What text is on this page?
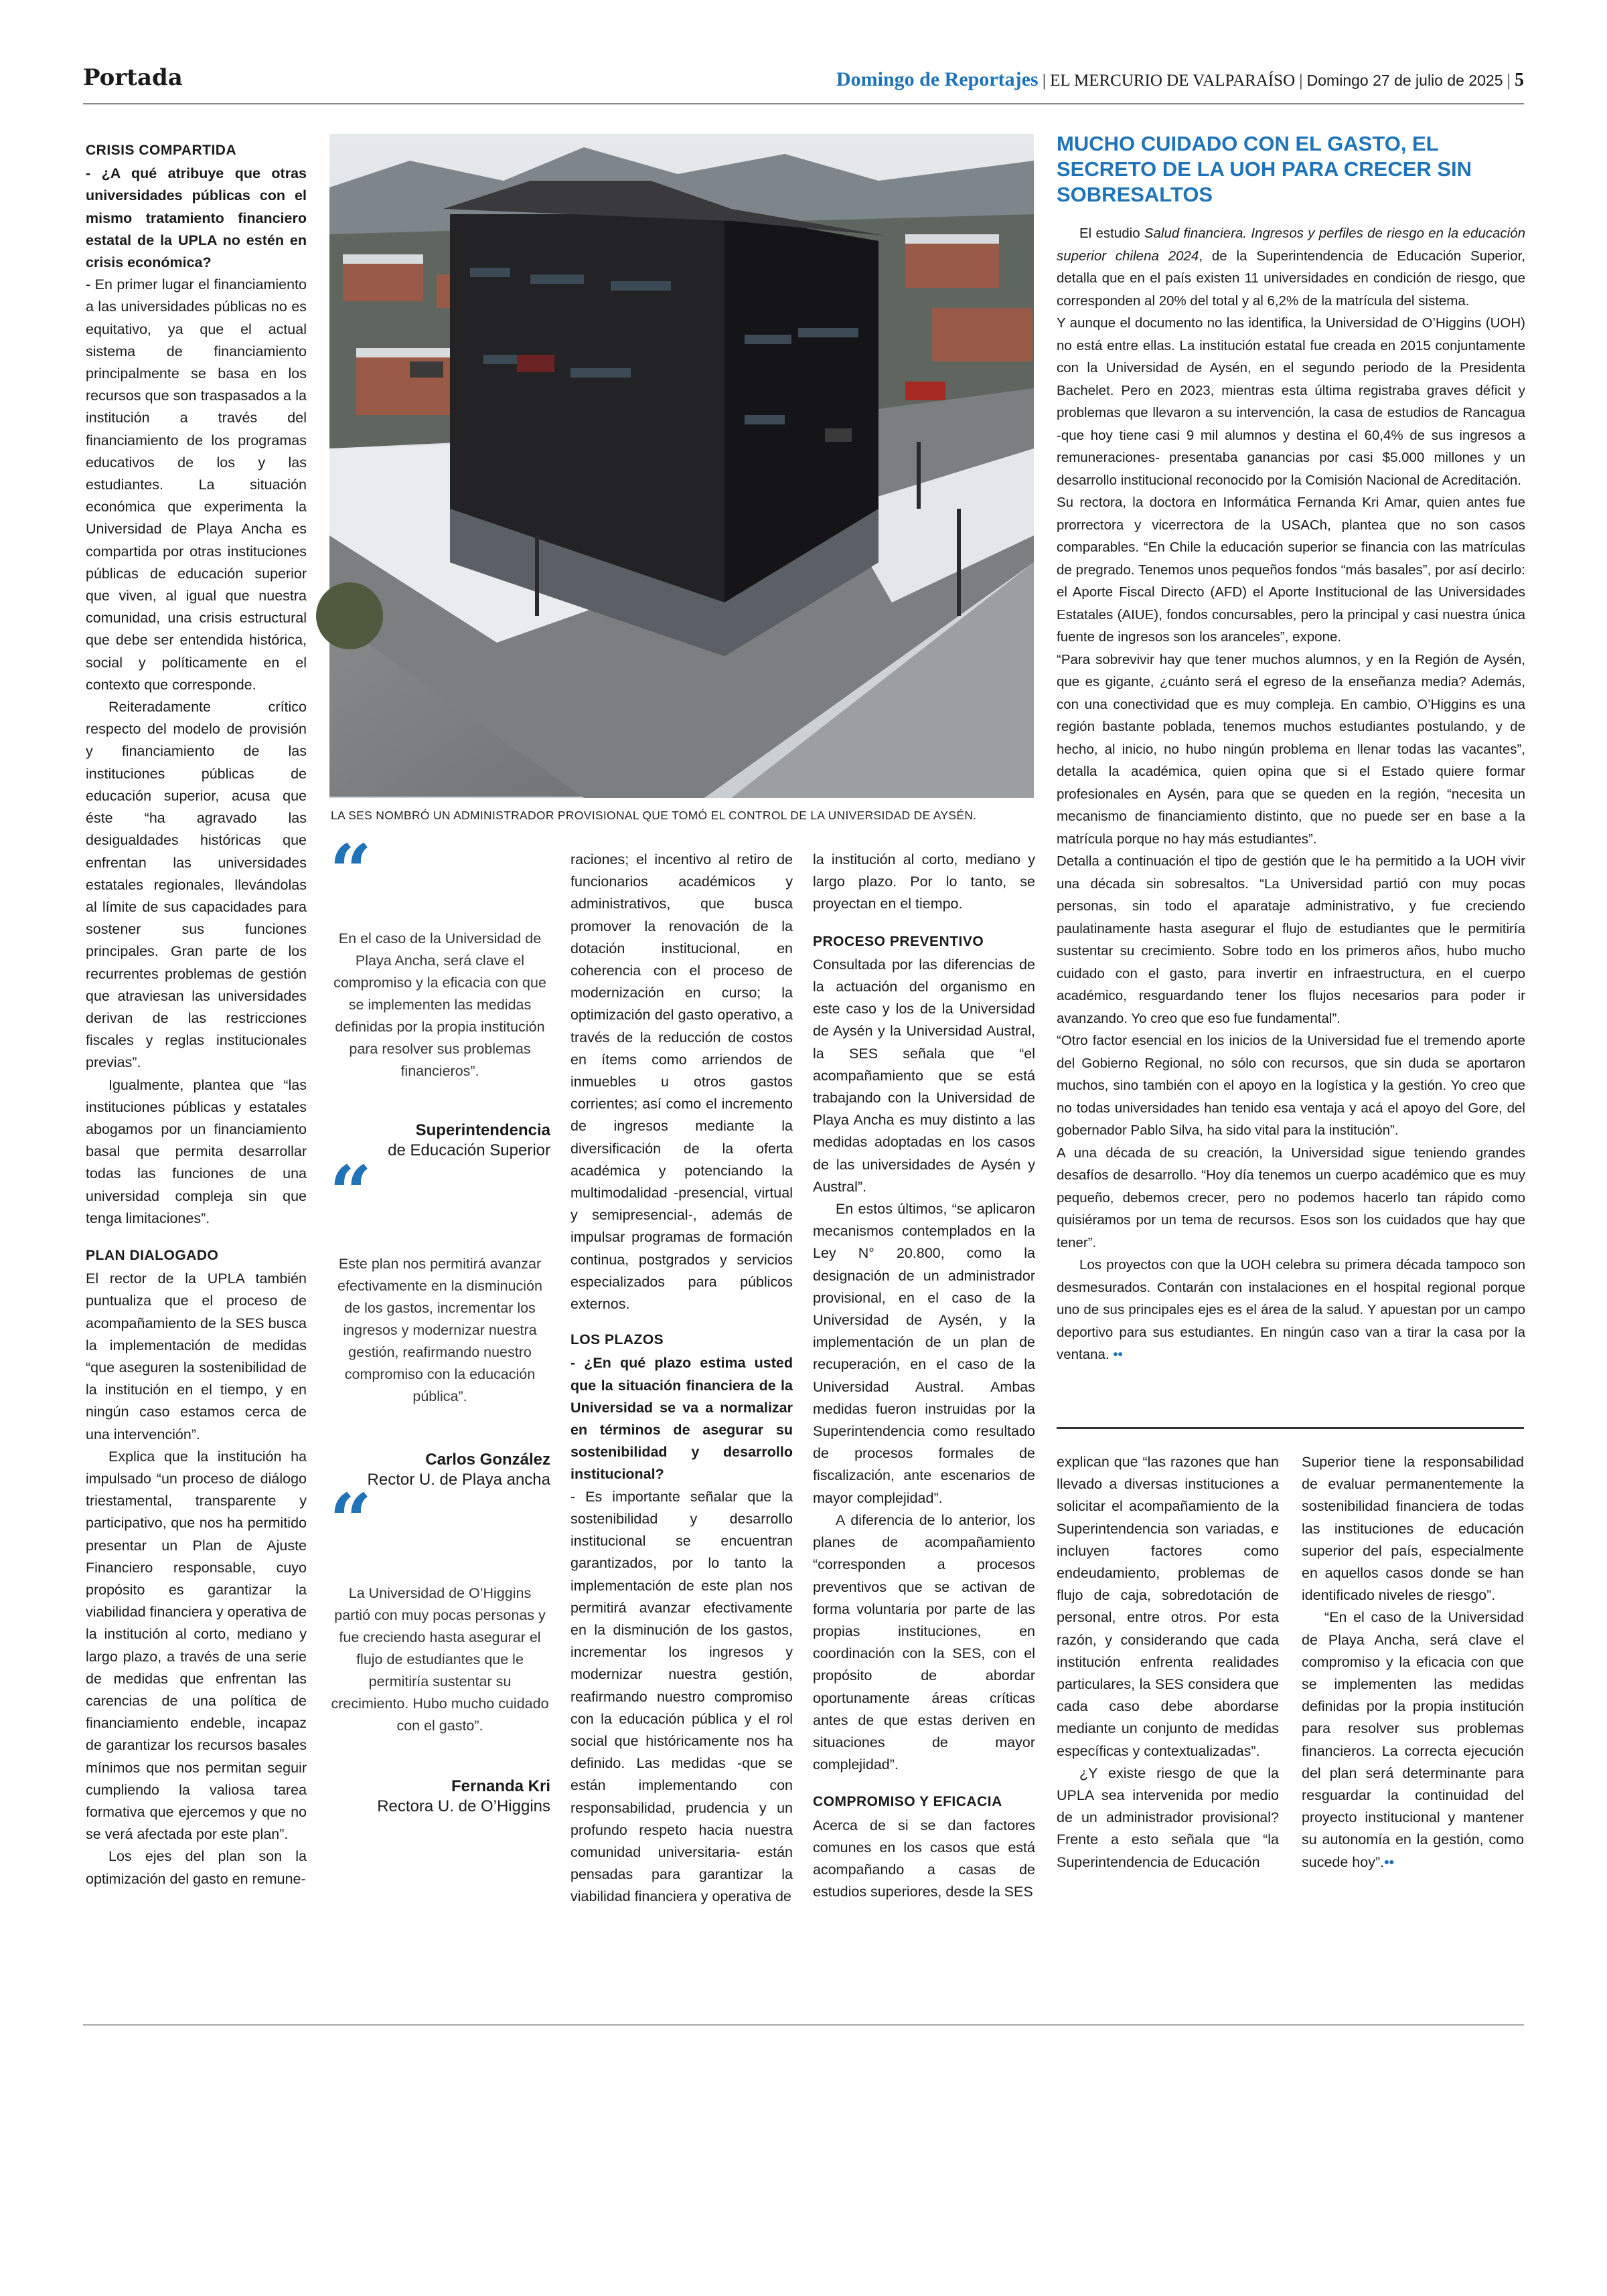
Portada	Domingo de Reportajes | EL MERCURIO DE VALPARAÍSO | Domingo 27 de julio de 2025 | 5
CRISIS COMPARTIDA

- ¿A qué atribuye que otras universidades públicas con el mismo tratamiento financiero estatal de la UPLA no estén en crisis económica?

- En primer lugar el financiamiento a las universidades públicas no es equitativo, ya que el actual sistema de financiamiento principalmente se basa en los recursos que son traspasados a la institución a través del financiamiento de los programas educativos de los y las estudiantes. La situación económica que experimenta la Universidad de Playa Ancha es compartida por otras instituciones públicas de educación superior que viven, al igual que nuestra comunidad, una crisis estructural que debe ser entendida histórica, social y políticamente en el contexto que corresponde.

Reiteradamente crítico respecto del modelo de provisión y financiamiento de las instituciones públicas de educación superior, acusa que éste “ha agravado las desigualdades históricas que enfrentan las universidades estatales regionales, llevándolas al límite de sus capacidades para sostener sus funciones principales. Gran parte de los recurrentes problemas de gestión que atraviesan las universidades derivan de las restricciones fiscales y reglas institucionales previas”.

Igualmente, plantea que “las instituciones públicas y estatales abogamos por un financiamiento basal que permita desarrollar todas las funciones de una universidad compleja sin que tenga limitaciones”.

PLAN DIALOGADO

El rector de la UPLA también puntualiza que el proceso de acompañamiento de la SES busca la implementación de medidas “que aseguren la sostenibilidad de la institución en el tiempo, y en ningún caso estamos cerca de una intervención”.

Explica que la institución ha impulsado “un proceso de diálogo triestamental, transparente y participativo, que nos ha permitido presentar un Plan de Ajuste Financiero responsable, cuyo propósito es garantizar la viabilidad financiera y operativa de la institución al corto, mediano y largo plazo, a través de una serie de medidas que enfrentan las carencias de una política de financiamiento endeble, incapaz de garantizar los recursos basales mínimos que nos permitan seguir cumpliendo la valiosa tarea formativa que ejercemos y que no se verá afectada por este plan”.

Los ejes del plan son la optimización del gasto en remune-

LA SES NOMBRÓ UN ADMINISTRADOR PROVISIONAL QUE TOMÓ EL CONTROL DE LA UNIVERSIDAD DE AYSÉN.
“
En el caso de la Universidad de Playa Ancha, será clave el compromiso y la eficacia con que se implementen las medidas definidas por la propia institución para resolver sus problemas financieros”.
Superintendencia
de Educación Superior
“
Este plan nos permitirá avanzar efectivamente en la disminución de los gastos, incrementar los ingresos y modernizar nuestra gestión, reafirmando nuestro compromiso con la educación pública”.
Carlos González
Rector U. de Playa ancha
“
La Universidad de O’Higgins partió con muy pocas personas y fue creciendo hasta asegurar el flujo de estudiantes que le permitiría sustentar su crecimiento. Hubo mucho cuidado con el gasto”.
Fernanda Kri
Rectora U. de O’Higgins

raciones; el incentivo al retiro de funcionarios académicos y administrativos, que busca promover la renovación de la dotación institucional, en coherencia con el proceso de modernización en curso; la optimización del gasto operativo, a través de la reducción de costos en ítems como arriendos de inmuebles u otros gastos corrientes; así como el incremento de ingresos mediante la diversificación de la oferta académica y potenciando la multimodalidad -presencial, virtual y semipresencial-, además de impulsar programas de formación continua, postgrados y servicios especializados para públicos externos.

LOS PLAZOS

- ¿En qué plazo estima usted que la situación financiera de la Universidad se va a normalizar en términos de asegurar su sostenibilidad y desarrollo institucional?

- Es importante señalar que la sostenibilidad y desarrollo institucional se encuentran garantizados, por lo tanto la implementación de este plan nos permitirá avanzar efectivamente en la disminución de los gastos, incrementar los ingresos y modernizar nuestra gestión, reafirmando nuestro compromiso con la educación pública y el rol social que históricamente nos ha definido. Las medidas -que se están implementando con responsabilidad, prudencia y un profundo respeto hacia nuestra comunidad universitaria- están pensadas para garantizar la viabilidad financiera y operativa de

la institución al corto, mediano y largo plazo. Por lo tanto, se proyectan en el tiempo.

PROCESO PREVENTIVO

Consultada por las diferencias de la actuación del organismo en este caso y los de la Universidad de Aysén y la Universidad Austral, la SES señala que “el acompañamiento que se está trabajando con la Universidad de Playa Ancha es muy distinto a las medidas adoptadas en los casos de las universidades de Aysén y Austral”.

En estos últimos, “se aplicaron mecanismos contemplados en la Ley N° 20.800, como la designación de un administrador provisional, en el caso de la Universidad de Aysén, y la implementación de un plan de recuperación, en el caso de la Universidad Austral. Ambas medidas fueron instruidas por la Superintendencia como resultado de procesos formales de fiscalización, ante escenarios de mayor complejidad”.

A diferencia de lo anterior, los planes de acompañamiento “corresponden a procesos preventivos que se activan de forma voluntaria por parte de las propias instituciones, en coordinación con la SES, con el propósito de abordar oportunamente áreas críticas antes de que estas deriven en situaciones de mayor complejidad”.

COMPROMISO Y EFICACIA

Acerca de si se dan factores comunes en los casos que está acompañando a casas de estudios superiores, desde la SES

MUCHO CUIDADO CON EL GASTO, EL SECRETO DE LA UOH PARA CRECER SIN SOBRESALTOS

El estudio Salud financiera. Ingresos y perfiles de riesgo en la educación superior chilena 2024, de la Superintendencia de Educación Superior, detalla que en el país existen 11 universidades en condición de riesgo, que corresponden al 20% del total y al 6,2% de la matrícula del sistema.

Y aunque el documento no las identifica, la Universidad de O’Higgins (UOH) no está entre ellas. La institución estatal fue creada en 2015 conjuntamente con la Universidad de Aysén, en el segundo periodo de la Presidenta Bachelet. Pero en 2023, mientras esta última registraba graves déficit y problemas que llevaron a su intervención, la casa de estudios de Rancagua -que hoy tiene casi 9 mil alumnos y destina el 60,4% de sus ingresos a remuneraciones- presentaba ganancias por casi $5.000 millones y un desarrollo institucional reconocido por la Comisión Nacional de Acreditación.

Su rectora, la doctora en Informática Fernanda Kri Amar, quien antes fue prorrectora y vicerrectora de la USACh, plantea que no son casos comparables. “En Chile la educación superior se financia con las matrículas de pregrado. Tenemos unos pequeños fondos “más basales”, por así decirlo: el Aporte Fiscal Directo (AFD) el Aporte Institucional de las Universidades Estatales (AIUE), fondos concursables, pero la principal y casi nuestra única fuente de ingresos son los aranceles”, expone.

“Para sobrevivir hay que tener muchos alumnos, y en la Región de Aysén, que es gigante, ¿cuánto será el egreso de la enseñanza media? Además, con una conectividad que es muy compleja. En cambio, O’Higgins es una región bastante poblada, tenemos muchos estudiantes postulando, y de hecho, al inicio, no hubo ningún problema en llenar todas las vacantes”, detalla la académica, quien opina que si el Estado quiere formar profesionales en Aysén, para que se queden en la región, “necesita un mecanismo de financiamiento distinto, que no puede ser en base a la matrícula porque no hay más estudiantes”.

Detalla a continuación el tipo de gestión que le ha permitido a la UOH vivir una década sin sobresaltos. “La Universidad partió con muy pocas personas, sin todo el aparataje administrativo, y fue creciendo paulatinamente hasta asegurar el flujo de estudiantes que le permitiría sustentar su crecimiento. Sobre todo en los primeros años, hubo mucho cuidado con el gasto, para invertir en infraestructura, en el cuerpo académico, resguardando tener los flujos necesarios para poder ir avanzando. Yo creo que eso fue fundamental”.

“Otro factor esencial en los inicios de la Universidad fue el tremendo aporte del Gobierno Regional, no sólo con recursos, que sin duda se aportaron muchos, sino también con el apoyo en la logística y la gestión. Yo creo que no todas universidades han tenido esa ventaja y acá el apoyo del Gore, del gobernador Pablo Silva, ha sido vital para la institución”.

A una década de su creación, la Universidad sigue teniendo grandes desafíos de desarrollo. “Hoy día tenemos un cuerpo académico que es muy pequeño, debemos crecer, pero no podemos hacerlo tan rápido como quisiéramos por un tema de recursos. Esos son los cuidados que hay que tener”.

Los proyectos con que la UOH celebra su primera década tampoco son desmesurados. Contarán con instalaciones en el hospital regional porque uno de sus principales ejes es el área de la salud. Y apuestan por un campo deportivo para sus estudiantes. En ningún caso van a tirar la casa por la ventana. ••

explican que “las razones que han llevado a diversas instituciones a solicitar el acompañamiento de la Superintendencia son variadas, e incluyen factores como endeudamiento, problemas de flujo de caja, sobredotación de personal, entre otros. Por esta razón, y considerando que cada institución enfrenta realidades particulares, la SES considera que cada caso debe abordarse mediante un conjunto de medidas específicas y contextualizadas”.

¿Y existe riesgo de que la UPLA sea intervenida por medio de un administrador provisional? Frente a esto señala que “la Superintendencia de Educación

Superior tiene la responsabilidad de evaluar permanentemente la sostenibilidad financiera de todas las instituciones de educación superior del país, especialmente en aquellos casos donde se han identificado niveles de riesgo”.

“En el caso de la Universidad de Playa Ancha, será clave el compromiso y la eficacia con que se implementen las medidas definidas por la propia institución para resolver sus problemas financieros. La correcta ejecución del plan será determinante para resguardar la continuidad del proyecto institucional y mantener su autonomía en la gestión, como sucede hoy”.••
